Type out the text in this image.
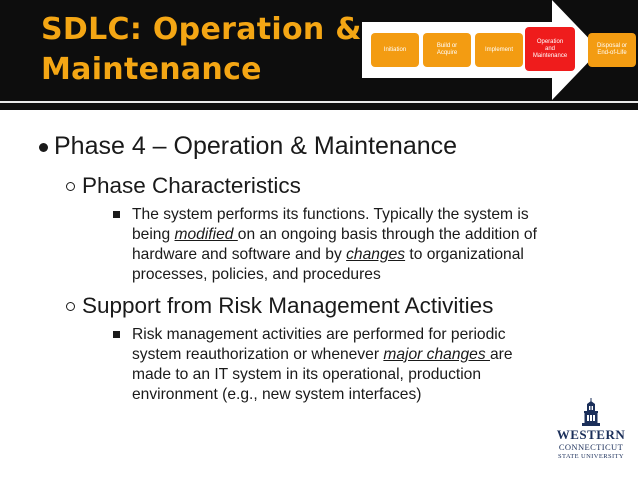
SDLC: Operation &
Maintenance
Initiation
Build or
Acquire
Implement
Operation
and
Maintenance
Disposal or
End-of-Life
Phase 4 – Operation & Maintenance
Phase Characteristics
The system performs its functions. Typically the system is
being modified on an ongoing basis through the addition of
hardware and software and by changes to organizational
processes, policies, and procedures
Support from Risk Management Activities
Risk management activities are performed for periodic
system reauthorization or whenever major changes are
made to an IT system in its operational, production
environment (e.g., new system interfaces)
WESTERN
CONNECTICUT
STATE UNIVERSITY
